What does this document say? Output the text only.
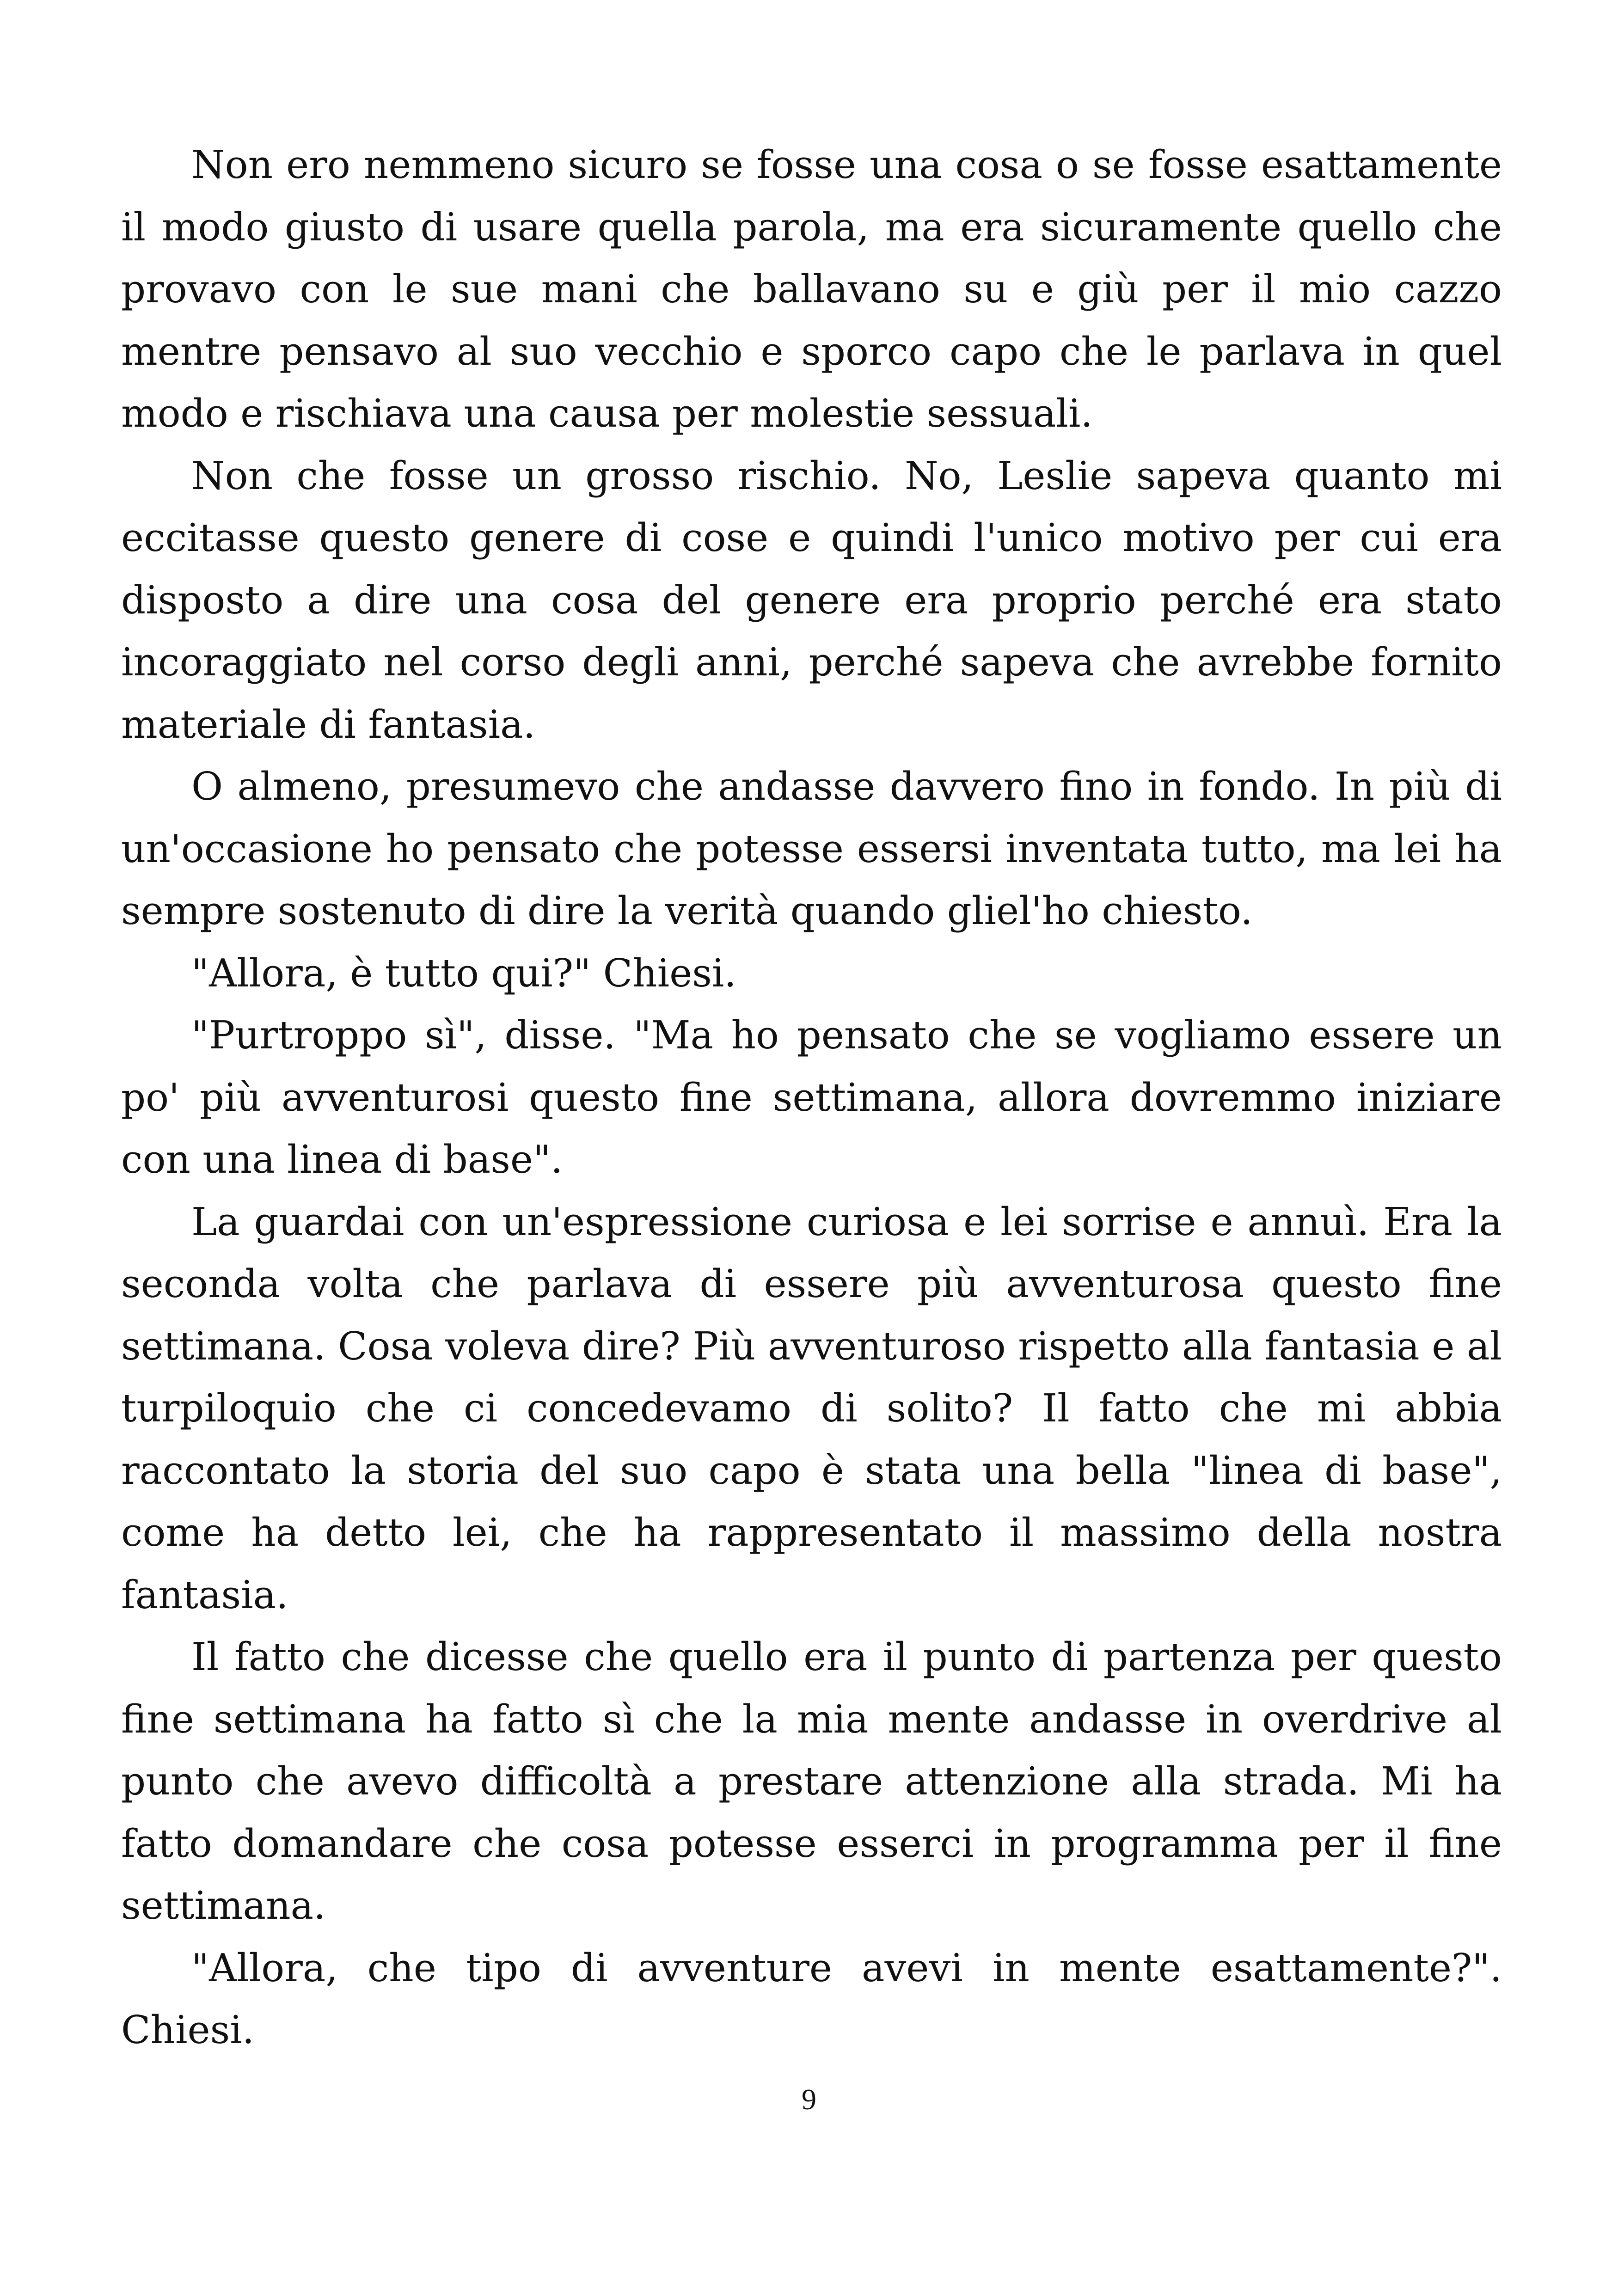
Non ero nemmeno sicuro se fosse una cosa o se fosse esattamente il modo giusto di usare quella parola, ma era sicuramente quello che provavo con le sue mani che ballavano su e giù per il mio cazzo mentre pensavo al suo vecchio e sporco capo che le parlava in quel modo e rischiava una causa per molestie sessuali.

Non che fosse un grosso rischio. No, Leslie sapeva quanto mi eccitasse questo genere di cose e quindi l'unico motivo per cui era disposto a dire una cosa del genere era proprio perché era stato incoraggiato nel corso degli anni, perché sapeva che avrebbe fornito materiale di fantasia.

O almeno, presumevo che andasse davvero fino in fondo. In più di un'occasione ho pensato che potesse essersi inventata tutto, ma lei ha sempre sostenuto di dire la verità quando gliel'ho chiesto.

"Allora, è tutto qui?" Chiesi.

"Purtroppo sì", disse. "Ma ho pensato che se vogliamo essere un po' più avventurosi questo fine settimana, allora dovremmo iniziare con una linea di base".

La guardai con un'espressione curiosa e lei sorrise e annuì. Era la seconda volta che parlava di essere più avventurosa questo fine settimana. Cosa voleva dire? Più avventuroso rispetto alla fantasia e al turpiloquio che ci concedevamo di solito? Il fatto che mi abbia raccontato la storia del suo capo è stata una bella "linea di base", come ha detto lei, che ha rappresentato il massimo della nostra fantasia.

Il fatto che dicesse che quello era il punto di partenza per questo fine settimana ha fatto sì che la mia mente andasse in overdrive al punto che avevo difficoltà a prestare attenzione alla strada. Mi ha fatto domandare che cosa potesse esserci in programma per il fine settimana.

"Allora, che tipo di avventure avevi in mente esattamente?". Chiesi.

9
